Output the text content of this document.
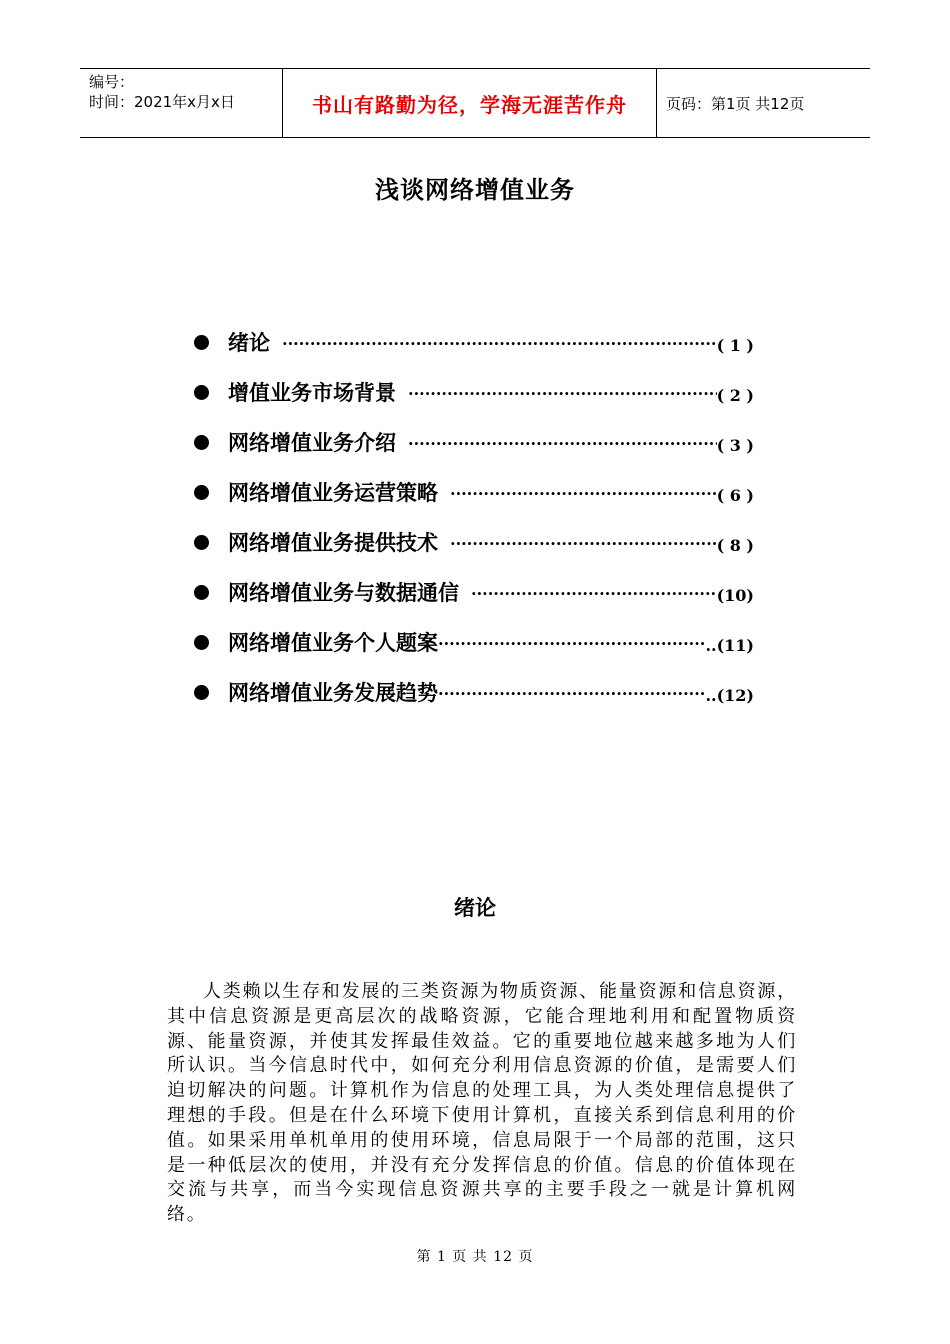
编号：
时间：2021年x月x日	书山有路勤为径，学海无涯苦作舟	页码：第1页 共12页
浅谈网络增值业务
绪论 ·····	( 1 )
增值业务市场背景 ·····	( 2 )
网络增值业务介绍 ·····	( 3 )
网络增值业务运营策略 ·····	( 6 )
网络增值业务提供技术 ·····	( 8 )
网络增值业务与数据通信 ·····	(10)
网络增值业务个人题案 ·····	..(11)
网络增值业务发展趋势 ·····	..(12)
绪论

人类赖以生存和发展的三类资源为物质资源、能量资源和信息资源，其中信息资源是更高层次的战略资源，它能合理地利用和配置物质资源、能量资源，并使其发挥最佳效益。它的重要地位越来越多地为人们所认识。当今信息时代中，如何充分利用信息资源的价值，是需要人们迫切解决的问题。计算机作为信息的处理工具，为人类处理信息提供了理想的手段。但是在什么环境下使用计算机，直接关系到信息利用的价值。如果采用单机单用的使用环境，信息局限于一个局部的范围，这只是一种低层次的使用，并没有充分发挥信息的价值。信息的价值体现在交流与共享，而当今实现信息资源共享的主要手段之一就是计算机网络。

第 1 页 共 12 页
